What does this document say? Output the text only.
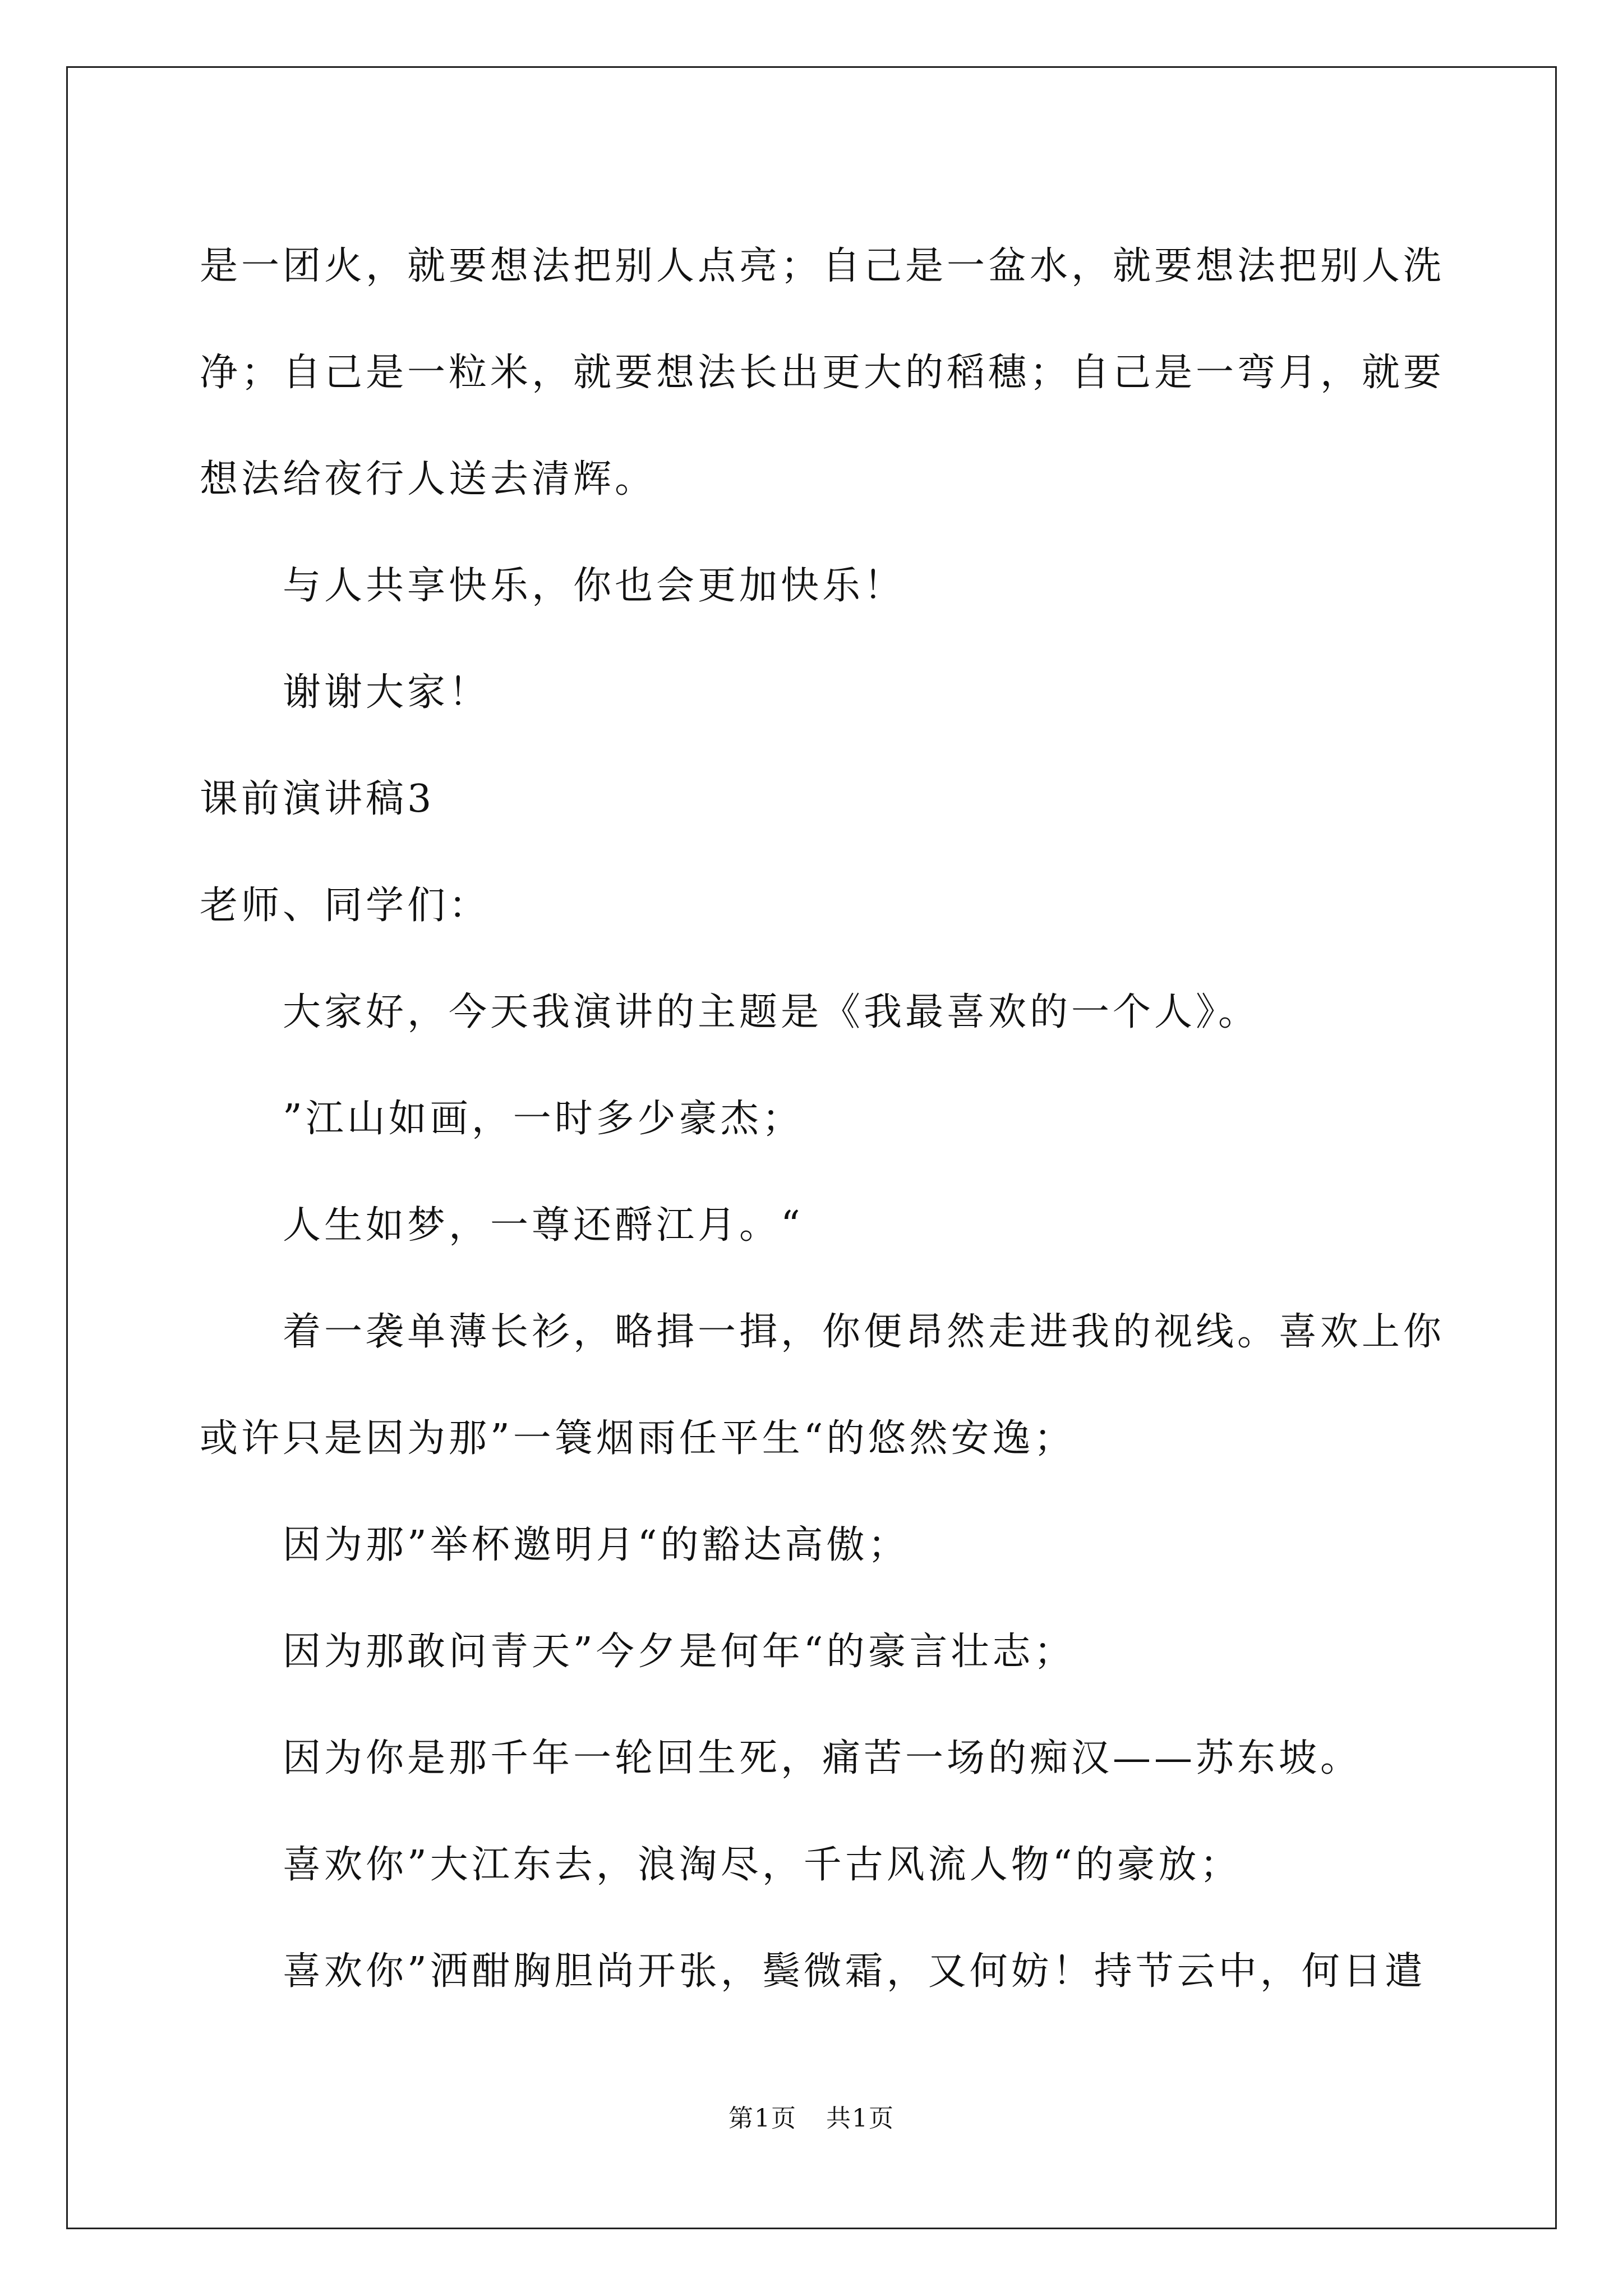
是一团火，就要想法把别人点亮；自己是一盆水，就要想法把别人洗

净；自己是一粒米，就要想法长出更大的稻穗；自己是一弯月，就要

想法给夜行人送去清辉。

与人共享快乐，你也会更加快乐！

谢谢大家！

课前演讲稿3

老师、同学们：

大家好，今天我演讲的主题是《我最喜欢的一个人》。

”江山如画，一时多少豪杰；

人生如梦，一尊还酹江月。“

着一袭单薄长衫，略揖一揖，你便昂然走进我的视线。喜欢上你

或许只是因为那”一簑烟雨任平生“的悠然安逸；

因为那”举杯邀明月“的豁达高傲；

因为那敢问青天”今夕是何年“的豪言壮志；

因为你是那千年一轮回生死，痛苦一场的痴汉——苏东坡。

喜欢你”大江东去，浪淘尽，千古风流人物“的豪放；

喜欢你”洒酣胸胆尚开张，鬓微霜，又何妨！持节云中，何日遣

第1页 共1页
